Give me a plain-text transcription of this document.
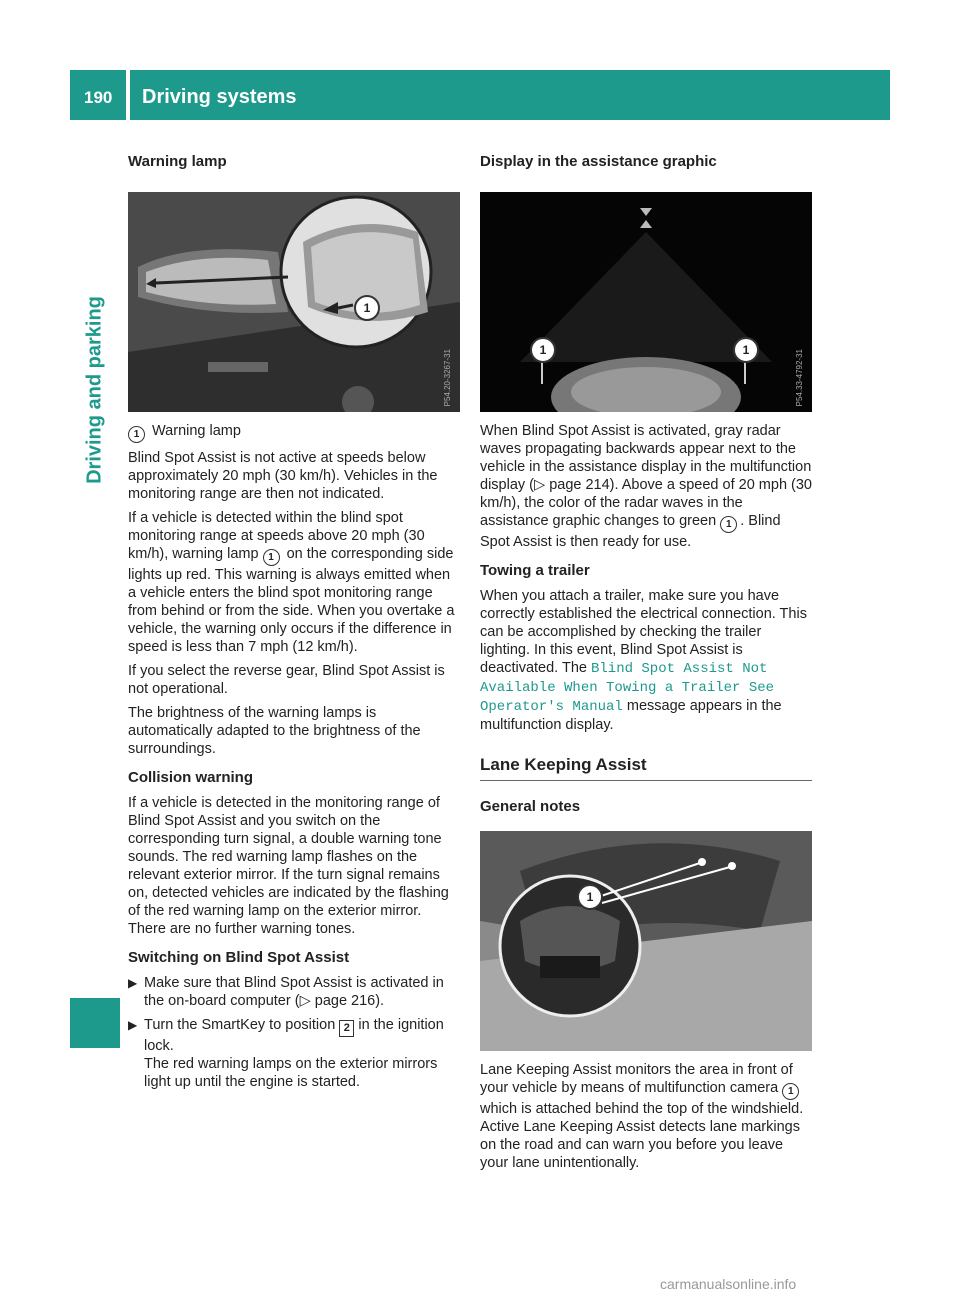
190 Driving systems
Driving and parking
Warning lamp
1
P54.20-3267-31

1 Warning lamp

Blind Spot Assist is not active at speeds below approximately 20 mph (30 km/h). Vehicles in the monitoring range are then not indicated.

If a vehicle is detected within the blind spot monitoring range at speeds above 20 mph (30 km/h), warning lamp 1 on the corresponding side lights up red. This warning is always emitted when a vehicle enters the blind spot monitoring range from behind or from the side. When you overtake a vehicle, the warning only occurs if the difference in speed is less than 7 mph (12 km/h).

If you select the reverse gear, Blind Spot Assist is not operational.

The brightness of the warning lamps is automatically adapted to the brightness of the surroundings.

Collision warning

If a vehicle is detected in the monitoring range of Blind Spot Assist and you switch on the corresponding turn signal, a double warning tone sounds. The red warning lamp flashes on the relevant exterior mirror. If the turn signal remains on, detected vehicles are indicated by the flashing of the red warning lamp on the exterior mirror. There are no further warning tones.

Switching on Blind Spot Assist
▶ Make sure that Blind Spot Assist is activated in the on-board computer (▷ page 216).
▶ Turn the SmartKey to position 2 in the ignition lock.
The red warning lamps on the exterior mirrors light up until the engine is started.
Display in the assistance graphic
1	1	P54.33-4792-31

When Blind Spot Assist is activated, gray radar waves propagating backwards appear next to the vehicle in the assistance display in the multifunction display (▷ page 214). Above a speed of 20 mph (30 km/h), the color of the radar waves in the assistance graphic changes to green 1 . Blind Spot Assist is then ready for use.

Towing a trailer

When you attach a trailer, make sure you have correctly established the electrical connection. This can be accomplished by checking the trailer lighting. In this event, Blind Spot Assist is deactivated. The Blind Spot Assist Not Available When Towing a Trailer See Operator's Manual message appears in the multifunction display.

Lane Keeping Assist
General notes
1
P54.00-3013-31

Lane Keeping Assist monitors the area in front of your vehicle by means of multifunction camera 1 which is attached behind the top of the windshield. Active Lane Keeping Assist detects lane markings on the road and can warn you before you leave your lane unintentionally.

carmanualsonline.info
